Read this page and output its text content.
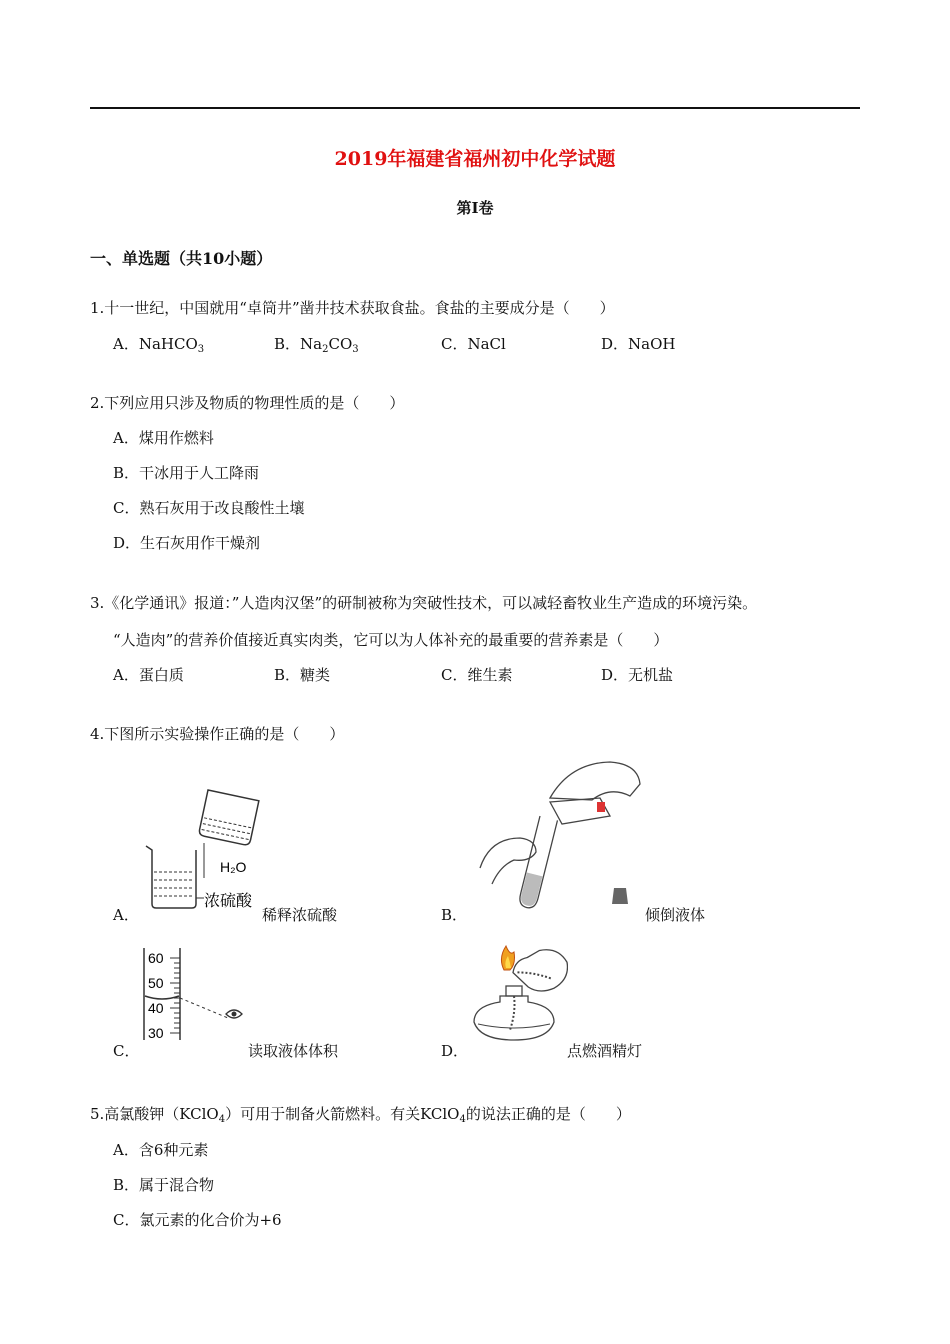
2019年福建省福州初中化学试题
第Ⅰ卷
一、单选题（共10小题）
1.十一世纪，中国就用“卓筒井”凿井技术获取食盐。食盐的主要成分是（　　）
A．NaHCO$_3$	B．$Na_2CO_3$	C．NaCl	D．NaOH
2.下列应用只涉及物质的物理性质的是（　　）
A．煤用作燃料
B．干冰用于人工降雨
C．熟石灰用于改良酸性土壤
D．生石灰用作干燥剂
3.《化学通讯》报道：”人造肉汉堡”的研制被称为突破性技术，可以减轻畜牧业生产造成的环境污染。
“人造肉”的营养价值接近真实肉类，它可以为人体补充的最重要的营养素是（　　）
A．蛋白质	B．糖类	C．维生素	D．无机盐
4.下图所示实验操作正确的是（　　）
A．
H₂O
浓硫酸
稀释浓硫酸	B．	倾倒液体
C．
60
50
40
30
读取液体体积	D．	点燃酒精灯
5.高氯酸钾（KClO$_4$）可用于制备火箭燃料。有关KClO$_4$的说法正确的是（　　）
A．含6种元素
B．属于混合物
C．氯元素的化合价为+6
